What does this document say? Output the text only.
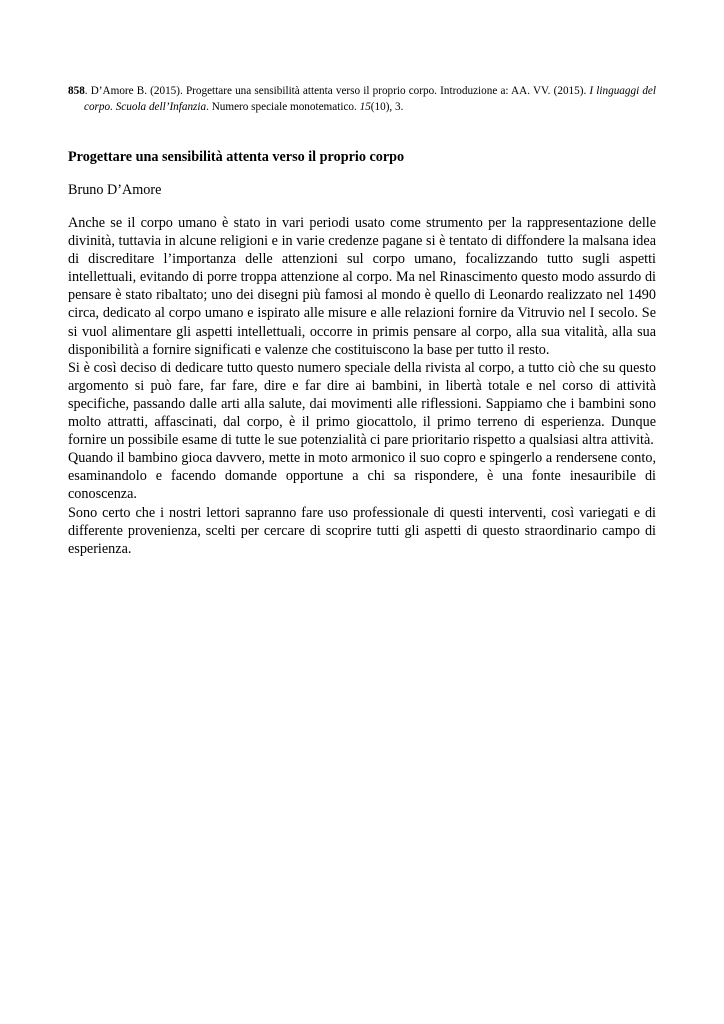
858. D’Amore B. (2015). Progettare una sensibilità attenta verso il proprio corpo. Introduzione a: AA. VV. (2015). I linguaggi del corpo. Scuola dell’Infanzia. Numero speciale monotematico. 15(10), 3.
Progettare una sensibilità attenta verso il proprio corpo
Bruno D’Amore

Anche se il corpo umano è stato in vari periodi usato come strumento per la rappresentazione delle divinità, tuttavia in alcune religioni e in varie credenze pagane si è tentato di diffondere la malsana idea di discreditare l’importanza delle attenzioni sul corpo umano, focalizzando tutto sugli aspetti intellettuali, evitando di porre troppa attenzione al corpo. Ma nel Rinascimento questo modo assurdo di pensare è stato ribaltato; uno dei disegni più famosi al mondo è quello di Leonardo realizzato nel 1490 circa, dedicato al corpo umano e ispirato alle misure e alle relazioni fornire da Vitruvio nel I secolo. Se si vuol alimentare gli aspetti intellettuali, occorre in primis pensare al corpo, alla sua vitalità, alla sua disponibilità a fornire significati e valenze che costituiscono la base per tutto il resto.

Si è così deciso di dedicare tutto questo numero speciale della rivista al corpo, a tutto ciò che su questo argomento si può fare, far fare, dire e far dire ai bambini, in libertà totale e nel corso di attività specifiche, passando dalle arti alla salute, dai movimenti alle riflessioni. Sappiamo che i bambini sono molto attratti, affascinati, dal corpo, è il primo giocattolo, il primo terreno di esperienza. Dunque fornire un possibile esame di tutte le sue potenzialità ci pare prioritario rispetto a qualsiasi altra attività.

Quando il bambino gioca davvero, mette in moto armonico il suo copro e spingerlo a rendersene conto, esaminandolo e facendo domande opportune a chi sa rispondere, è una fonte inesauribile di conoscenza.

Sono certo che i nostri lettori sapranno fare uso professionale di questi interventi, così variegati e di differente provenienza, scelti per cercare di scoprire tutti gli aspetti di questo straordinario campo di esperienza.
